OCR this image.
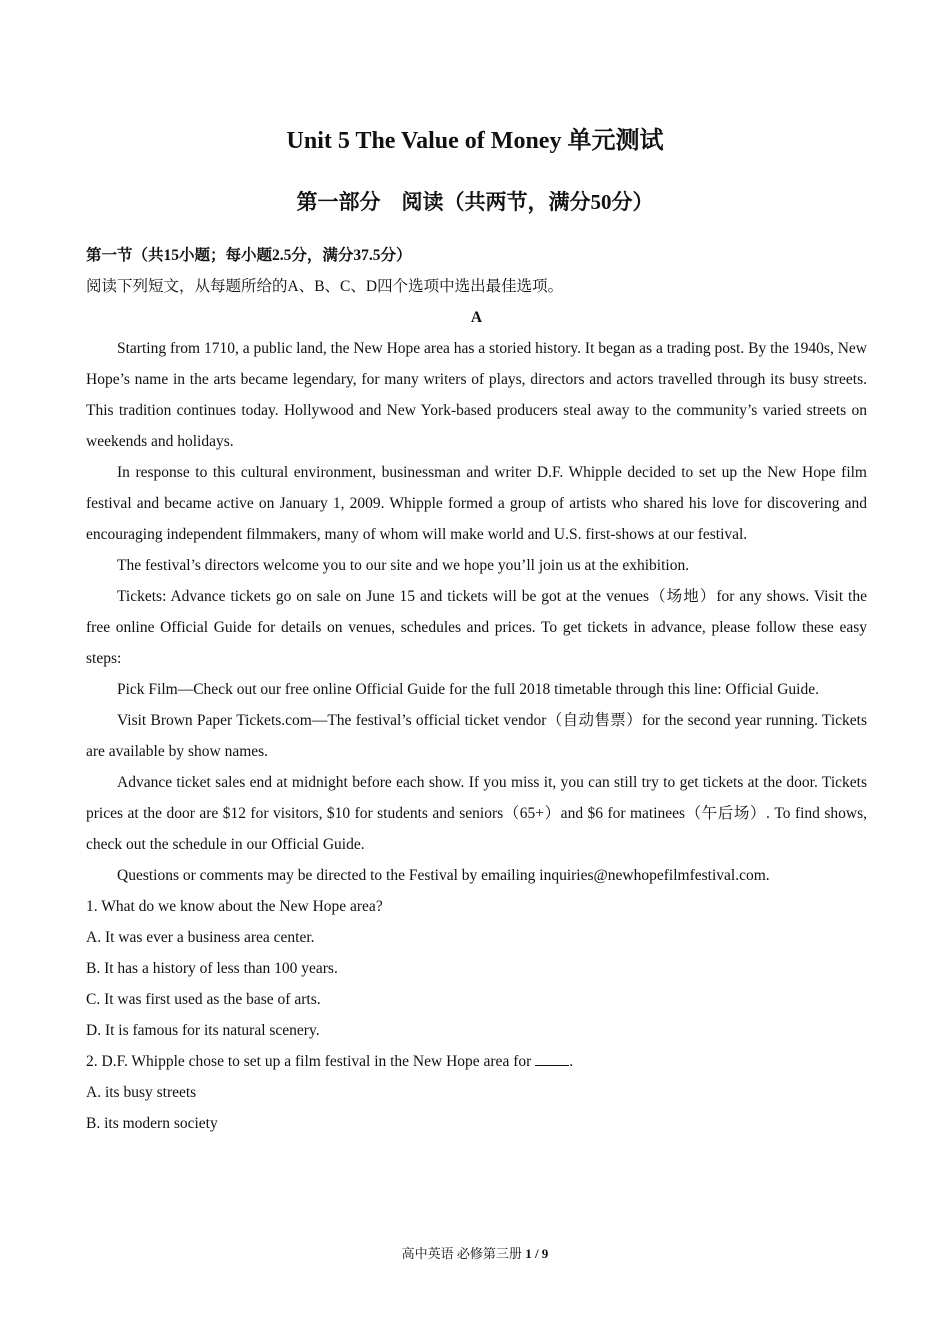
Unit 5 The Value of Money 单元测试
第一部分　阅读（共两节，满分50分）

第一节（共15小题；每小题2.5分，满分37.5分）

阅读下列短文，从每题所给的A、B、C、D四个选项中选出最佳选项。

A

Starting from 1710, a public land, the New Hope area has a storied history. It began as a trading post. By the 1940s, New Hope’s name in the arts became legendary, for many writers of plays, directors and actors travelled through its busy streets. This tradition continues today. Hollywood and New York-based producers steal away to the community’s varied streets on weekends and holidays.

In response to this cultural environment, businessman and writer D.F. Whipple decided to set up the New Hope film festival and became active on January 1, 2009. Whipple formed a group of artists who shared his love for discovering and encouraging independent filmmakers, many of whom will make world and U.S. first-shows at our festival.

The festival’s directors welcome you to our site and we hope you’ll join us at the exhibition.

Tickets: Advance tickets go on sale on June 15 and tickets will be got at the venues（场地）for any shows. Visit the free online Official Guide for details on venues, schedules and prices. To get tickets in advance, please follow these easy steps:

Pick Film—Check out our free online Official Guide for the full 2018 timetable through this line: Official Guide.

Visit Brown Paper Tickets.com—The festival’s official ticket vendor（自动售票）for the second year running. Tickets are available by show names.

Advance ticket sales end at midnight before each show. If you miss it, you can still try to get tickets at the door. Tickets prices at the door are $12 for visitors, $10 for students and seniors（65+）and $6 for matinees（午后场）. To find shows, check out the schedule in our Official Guide.

Questions or comments may be directed to the Festival by emailing inquiries@newhopefilmfestival.com.

1. What do we know about the New Hope area?

A. It was ever a business area center.

B. It has a history of less than 100 years.

C. It was first used as the base of arts.

D. It is famous for its natural scenery.

2. D.F. Whipple chose to set up a film festival in the New Hope area for .

A. its busy streets

B. its modern society

高中英语 必修第三册 1 / 9
